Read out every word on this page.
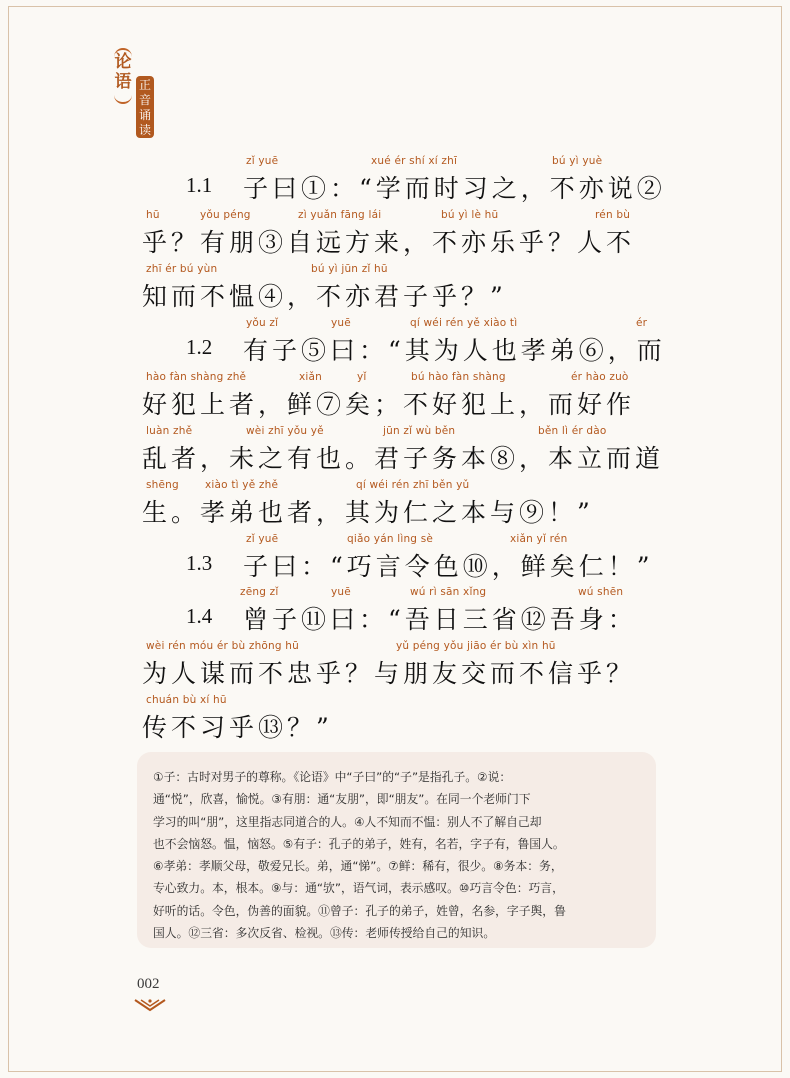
论语 正音诵读
zǐ yuē	xué ér shí xí zhī	bú yì yuè
1.1 子曰①：“学而时习之，不亦说②
hū	yǒu péng	zì yuǎn fāng lái	bú yì lè hū	rén bù
乎？有朋③自远方来，不亦乐乎？人不
zhī ér bú yùn	bú yì jūn zǐ hū
知而不愠④，不亦君子乎？”
yǒu zǐ	yuē	qí wéi rén yě xiào tì	ér
1.2 有子⑤曰：“其为人也孝弟⑥，而
hào fàn shàng zhě	xiǎn	yǐ	bú hào fàn shàng	ér hào zuò
好犯上者，鲜⑦矣；不好犯上，而好作
luàn zhě	wèi zhī yǒu yě	jūn zǐ wù běn	běn lì ér dào
乱者，未之有也。君子务本⑧，本立而道
shēng xiào tì yě zhě	qí wéi rén zhī běn yǔ
生。孝弟也者，其为仁之本与⑨！”
zǐ yuē	qiǎo yán lìng sè	xiǎn yǐ rén
1.3 子曰：“巧言令色⑩，鲜矣仁！”
zēng zǐ	yuē	wú rì sān xǐng	wú shēn
1.4 曾子⑪曰：“吾日三省⑫吾身：
wèi rén móu ér bù zhōng hū	yǔ péng yǒu jiāo ér bù xìn hū
为人谋而不忠乎？与朋友交而不信乎？
chuán bù xí hū
传不习乎⑬？”
①子：古时对男子的尊称。《论语》中“子曰”的“子”是指孔子。②说：
通“悦”，欣喜，愉悦。③有朋：通“友朋”，即“朋友”。在同一个老师门下
学习的叫“朋”，这里指志同道合的人。④人不知而不愠：别人不了解自己却
也不会恼怒。愠，恼怒。⑤有子：孔子的弟子，姓有，名若，字子有，鲁国人。
⑥孝弟：孝顺父母，敬爱兄长。弟，通“悌”。⑦鲜：稀有，很少。⑧务本：务，
专心致力。本，根本。⑨与：通“欤”，语气词，表示感叹。⑩巧言令色：巧言，
好听的话。令色，伪善的面貌。⑪曾子：孔子的弟子，姓曾，名参，字子舆，鲁
国人。⑫三省：多次反省、检视。⑬传：老师传授给自己的知识。
002
